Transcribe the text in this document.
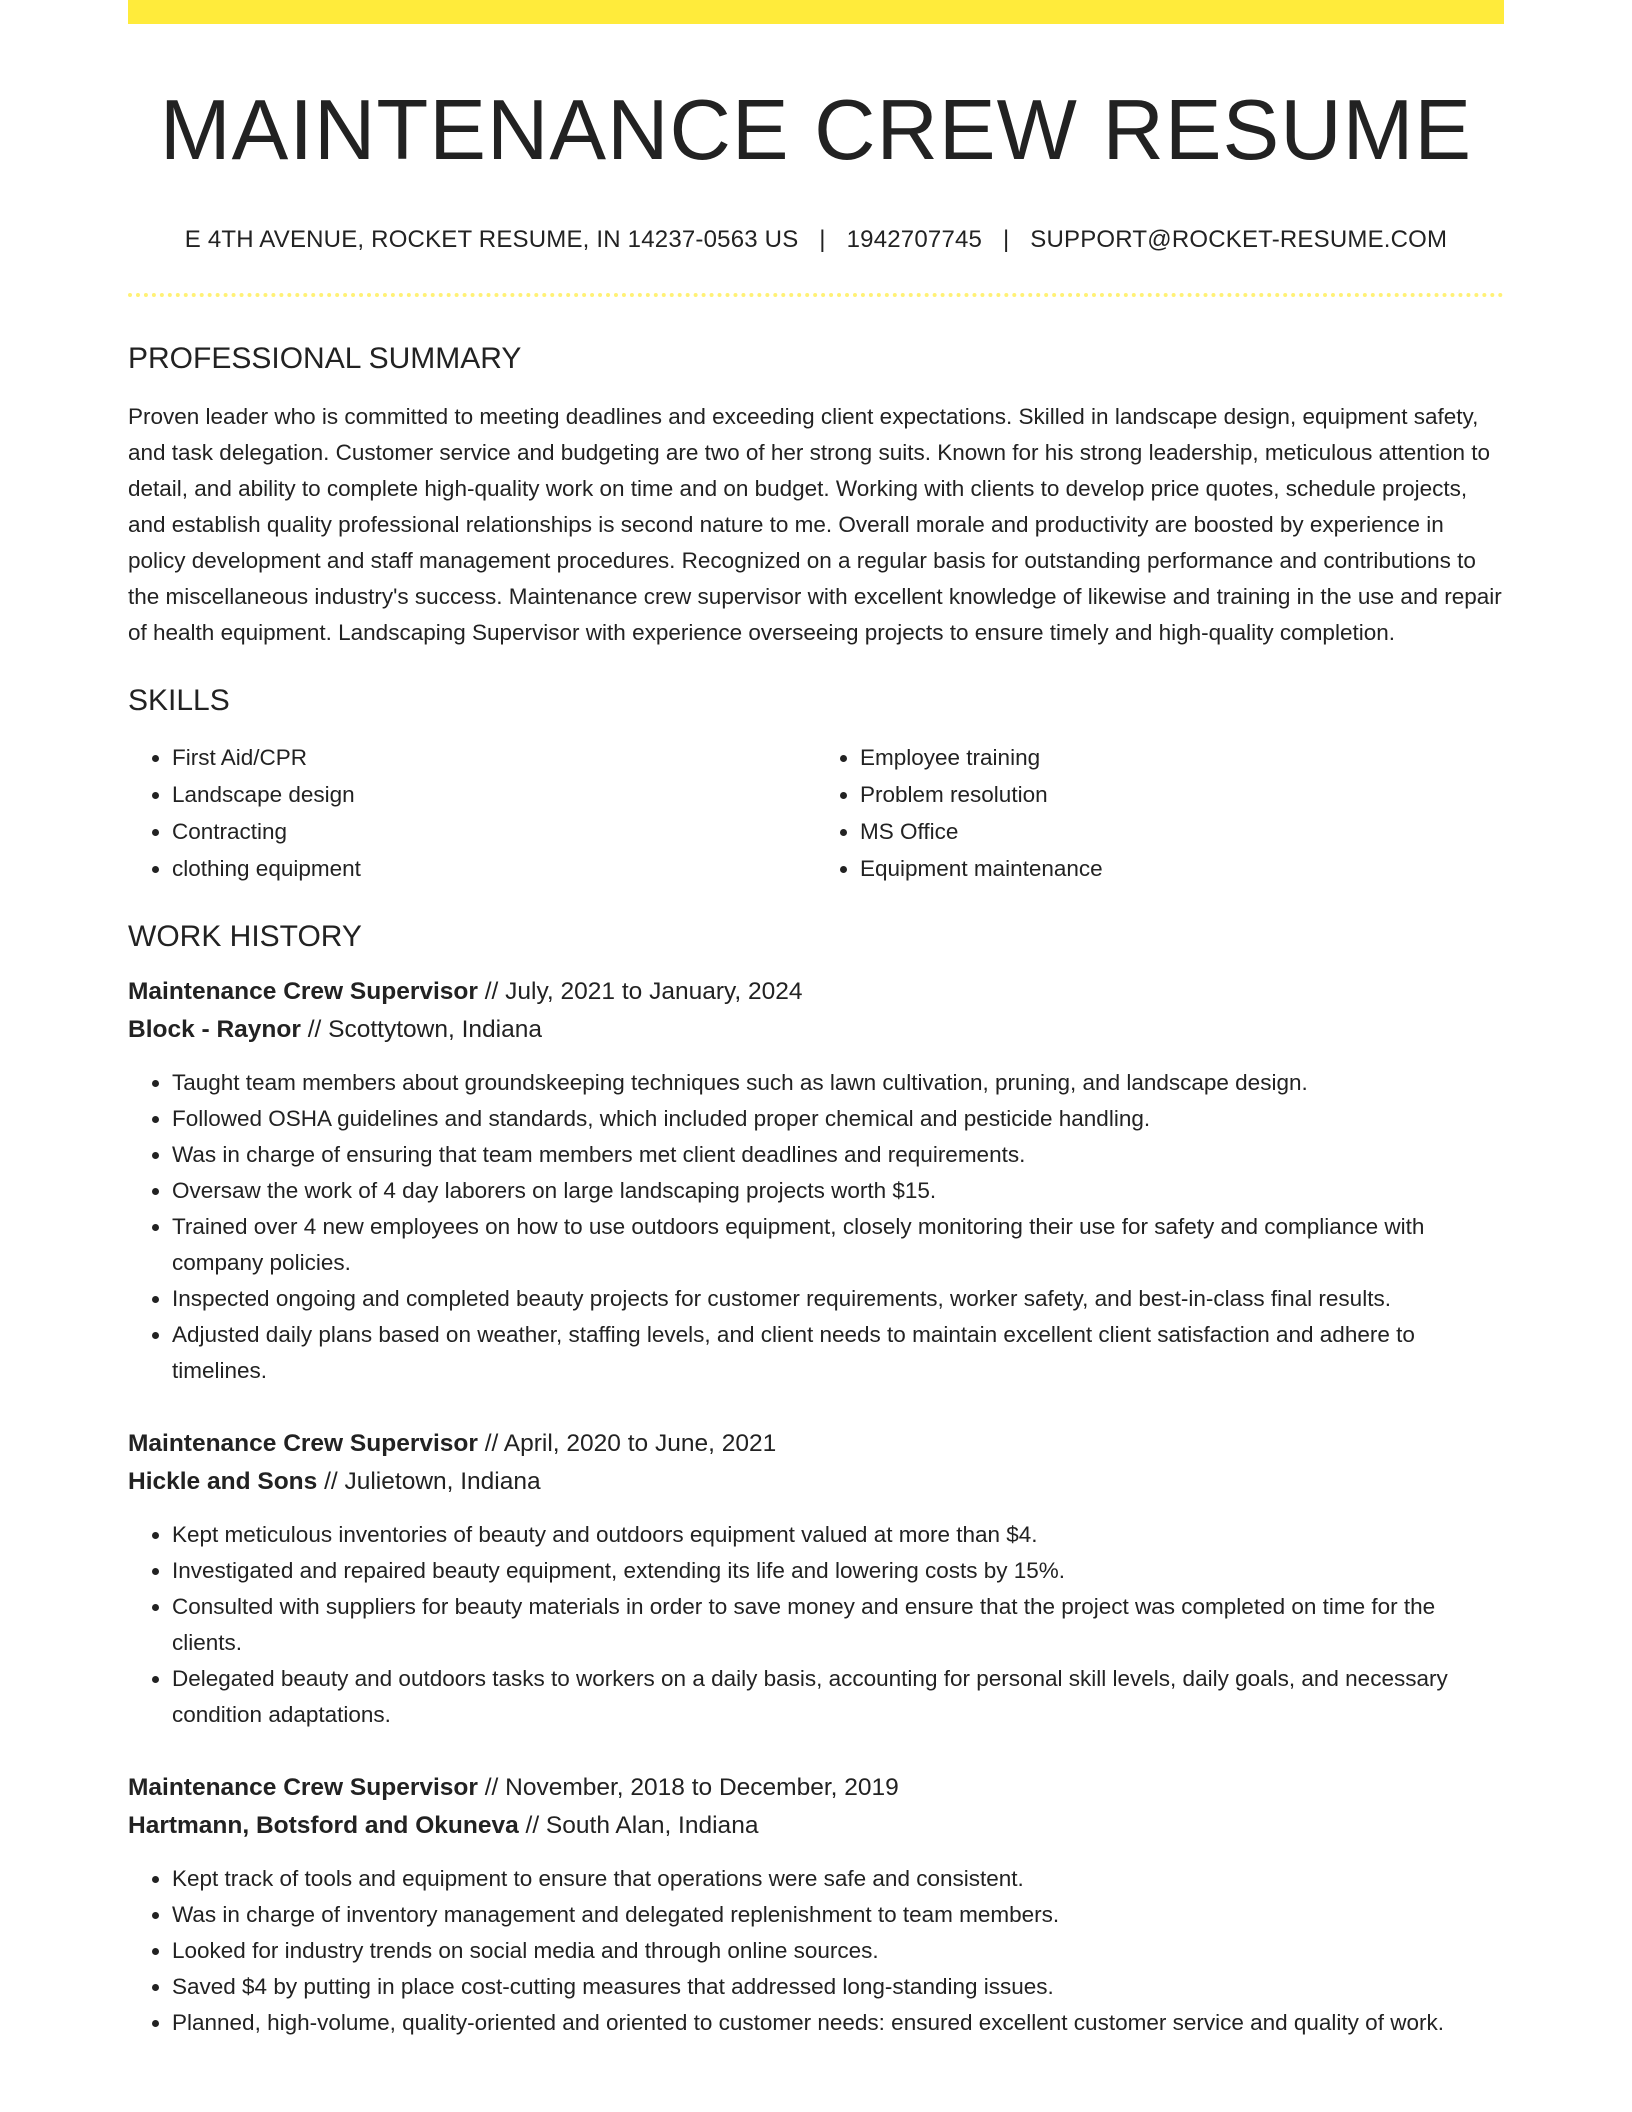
MAINTENANCE CREW RESUME
E 4TH AVENUE, ROCKET RESUME, IN 14237-0563 US | 1942707745 | SUPPORT@ROCKET-RESUME.COM
PROFESSIONAL SUMMARY

Proven leader who is committed to meeting deadlines and exceeding client expectations. Skilled in landscape design, equipment safety, and task delegation. Customer service and budgeting are two of her strong suits. Known for his strong leadership, meticulous attention to detail, and ability to complete high-quality work on time and on budget. Working with clients to develop price quotes, schedule projects, and establish quality professional relationships is second nature to me. Overall morale and productivity are boosted by experience in policy development and staff management procedures. Recognized on a regular basis for outstanding performance and contributions to the miscellaneous industry's success. Maintenance crew supervisor with excellent knowledge of likewise and training in the use and repair of health equipment. Landscaping Supervisor with experience overseeing projects to ensure timely and high-quality completion.

SKILLS
• First Aid/CPR
• Landscape design
• Contracting
• clothing equipment
• Employee training
• Problem resolution
• MS Office
• Equipment maintenance
WORK HISTORY
Maintenance Crew Supervisor // July, 2021 to January, 2024
Block - Raynor // Scottytown, Indiana
• Taught team members about groundskeeping techniques such as lawn cultivation, pruning, and landscape design.
• Followed OSHA guidelines and standards, which included proper chemical and pesticide handling.
• Was in charge of ensuring that team members met client deadlines and requirements.
• Oversaw the work of 4 day laborers on large landscaping projects worth $15.
• Trained over 4 new employees on how to use outdoors equipment, closely monitoring their use for safety and compliance with company policies.
• Inspected ongoing and completed beauty projects for customer requirements, worker safety, and best-in-class final results.
• Adjusted daily plans based on weather, staffing levels, and client needs to maintain excellent client satisfaction and adhere to timelines.
Maintenance Crew Supervisor // April, 2020 to June, 2021
Hickle and Sons // Julietown, Indiana
• Kept meticulous inventories of beauty and outdoors equipment valued at more than $4.
• Investigated and repaired beauty equipment, extending its life and lowering costs by 15%.
• Consulted with suppliers for beauty materials in order to save money and ensure that the project was completed on time for the clients.
• Delegated beauty and outdoors tasks to workers on a daily basis, accounting for personal skill levels, daily goals, and necessary condition adaptations.
Maintenance Crew Supervisor // November, 2018 to December, 2019
Hartmann, Botsford and Okuneva // South Alan, Indiana
• Kept track of tools and equipment to ensure that operations were safe and consistent.
• Was in charge of inventory management and delegated replenishment to team members.
• Looked for industry trends on social media and through online sources.
• Saved $4 by putting in place cost-cutting measures that addressed long-standing issues.
• Planned, high-volume, quality-oriented and oriented to customer needs: ensured excellent customer service and quality of work.
